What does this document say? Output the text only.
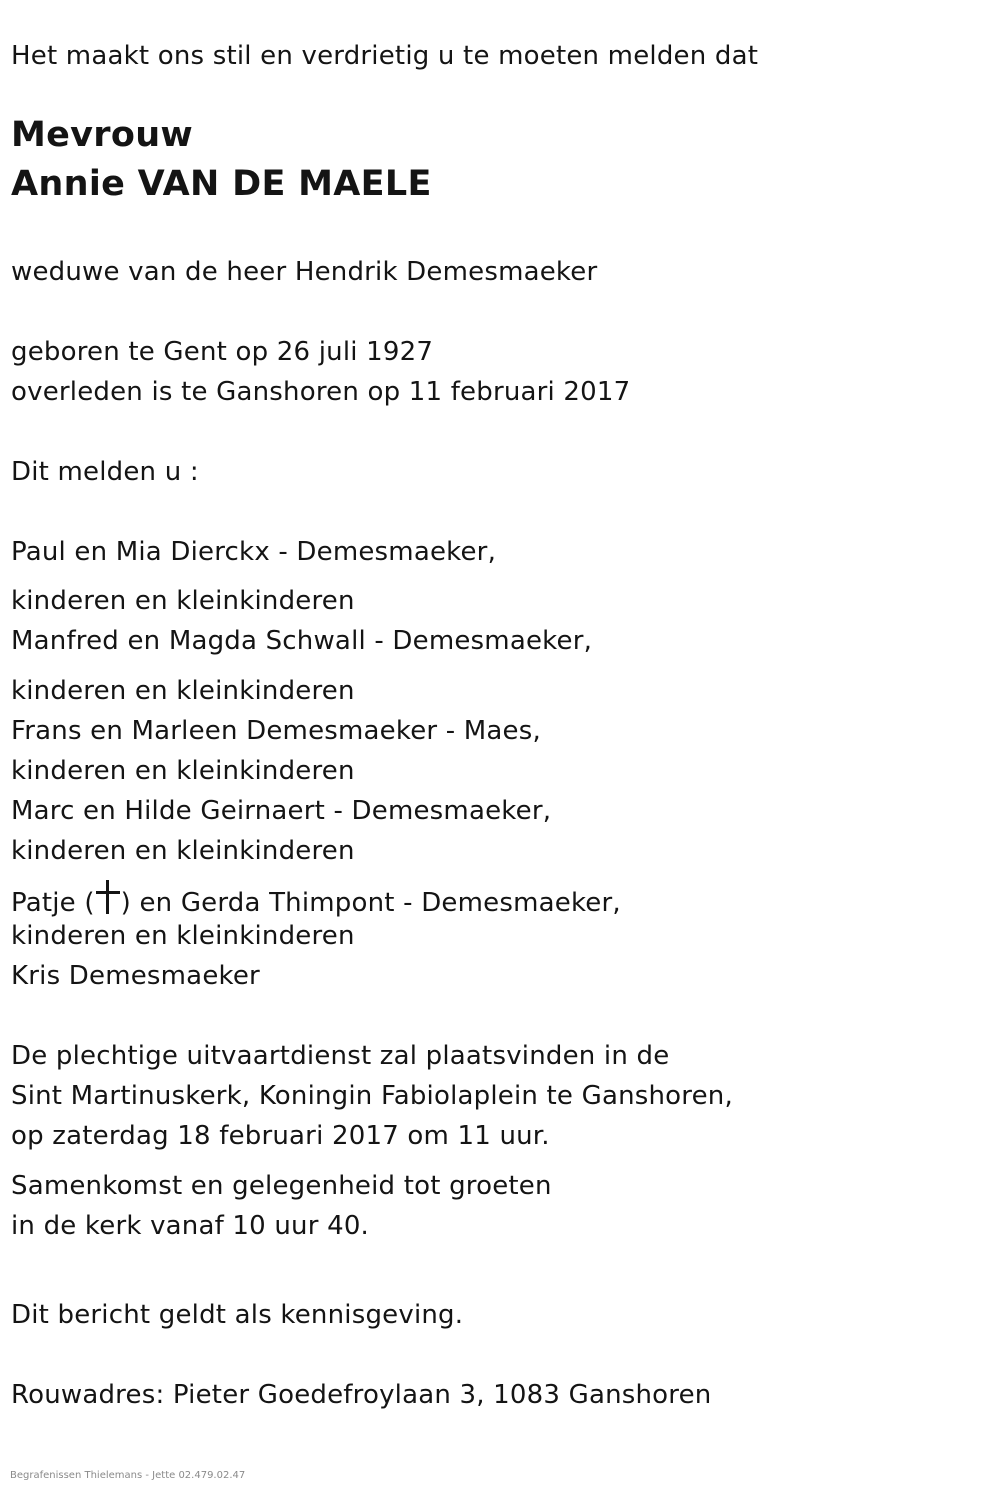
Het maakt ons stil en verdrietig u te moeten melden dat

Mevrouw

Annie VAN DE MAELE

weduwe van de heer Hendrik Demesmaeker

geboren te Gent op 26 juli 1927

overleden is te Ganshoren op 11 februari 2017

Dit melden u :

Paul en Mia Dierckx - Demesmaeker,

kinderen en kleinkinderen

Manfred en Magda Schwall - Demesmaeker,

kinderen en kleinkinderen

Frans en Marleen Demesmaeker - Maes,

kinderen en kleinkinderen

Marc en Hilde Geirnaert - Demesmaeker,

kinderen en kleinkinderen

Patje ( ) en Gerda Thimpont - Demesmaeker,

kinderen en kleinkinderen

Kris Demesmaeker

De plechtige uitvaartdienst zal plaatsvinden in de

Sint Martinuskerk, Koningin Fabiolaplein te Ganshoren,

op zaterdag 18 februari 2017 om 11 uur.

Samenkomst en gelegenheid tot groeten

in de kerk vanaf 10 uur 40.

Dit bericht geldt als kennisgeving.

Rouwadres: Pieter Goedefroylaan 3, 1083 Ganshoren

Begrafenissen Thielemans - Jette 02.479.02.47
